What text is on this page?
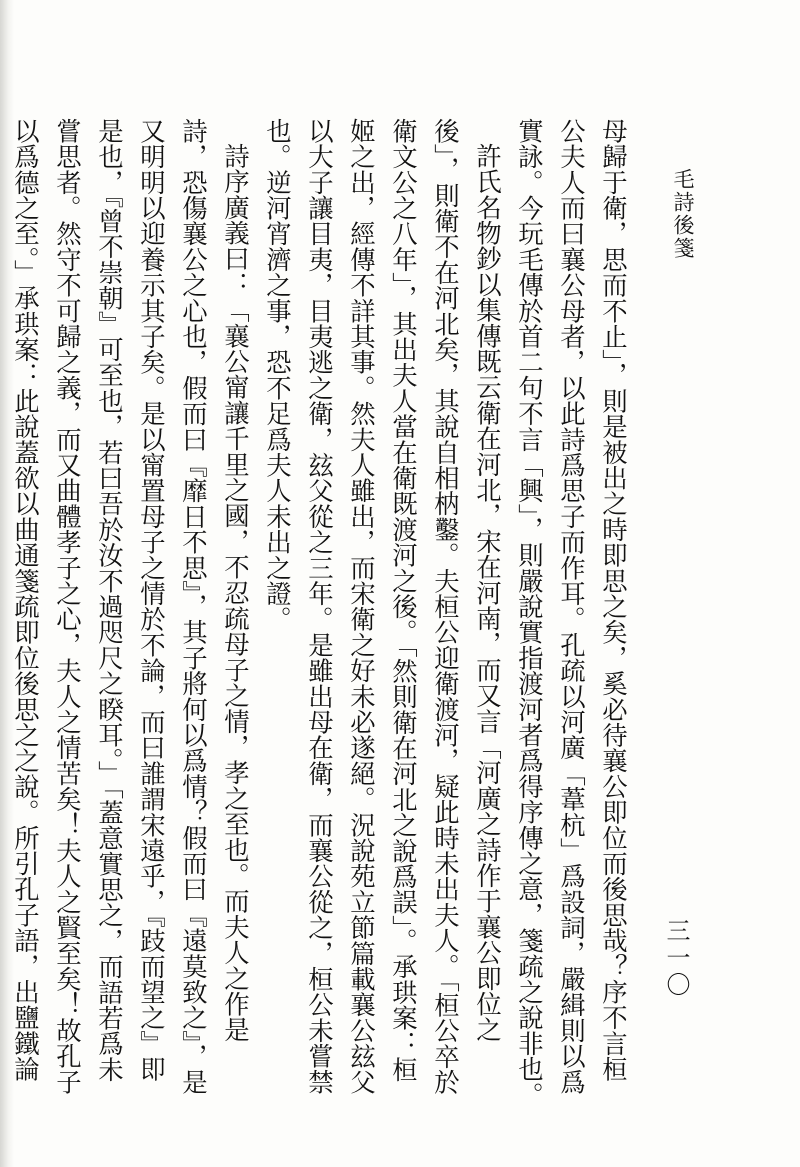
毛詩後箋
三一〇

母歸于衛，思而不止」，則是被出之時即思之矣，奚必待襄公即位而後思哉？序不言桓

公夫人而曰襄公母者，以此詩爲思子而作耳。孔疏以河廣「葦杭」爲設詞，嚴緝則以爲

實詠。今玩毛傳於首二句不言「興」，則嚴說實指渡河者爲得序傳之意，箋疏之說非也。

許氏名物鈔以集傳既云衛在河北，宋在河南，而又言「河廣之詩作于襄公即位之

後」，則衛不在河北矣，其說自相枘鑿。夫桓公迎衛渡河，疑此時未出夫人。「桓公卒於

衛文公之八年」，其出夫人當在衛既渡河之後。「然則衛在河北之說爲誤」。承珙案：桓

姬之出，經傳不詳其事。然夫人雖出，而宋衛之好未必遂絕。況說苑立節篇載襄公玆父

以大子讓目夷，目夷逃之衛，玆父從之三年。是雖出母在衛，而襄公從之，桓公未嘗禁

也。逆河宵濟之事，恐不足爲夫人未出之證。

詩序廣義曰：「襄公甯讓千里之國，不忍疏母子之情，孝之至也。而夫人之作是

詩，恐傷襄公之心也，假而曰『靡日不思』，其子將何以爲情？假而曰『遠莫致之』，是

又明明以迎養示其子矣。是以甯置母子之情於不論，而曰誰謂宋遠乎，『跂而望之』即

是也，『曾不崇朝』可至也，若曰吾於汝不過咫尺之睽耳。」「蓋意實思之，而語若爲未

嘗思者。然守不可歸之義，而又曲體孝子之心，夫人之情苦矣！夫人之賢至矣！故孔子

以爲德之至。」承珙案：此說蓋欲以曲通箋疏即位後思之之說。所引孔子語，出鹽鐵論
